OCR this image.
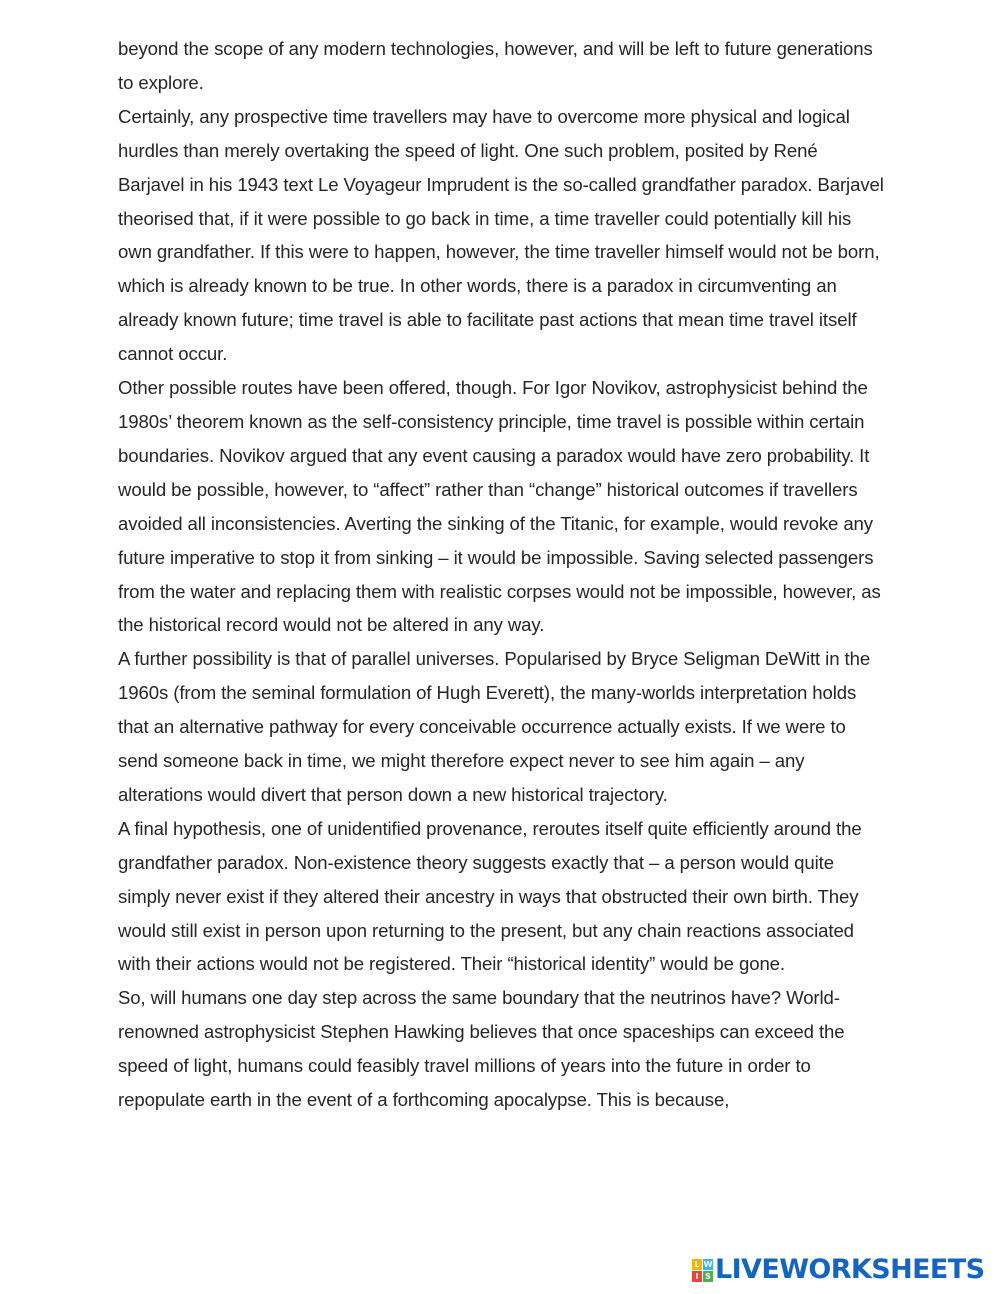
beyond the scope of any modern technologies, however, and will be left to future generations to explore.

Certainly, any prospective time travellers may have to overcome more physical and logical hurdles than merely overtaking the speed of light. One such problem, posited by René Barjavel in his 1943 text Le Voyageur Imprudent is the so-called grandfather paradox. Barjavel theorised that, if it were possible to go back in time, a time traveller could potentially kill his own grandfather. If this were to happen, however, the time traveller himself would not be born, which is already known to be true. In other words, there is a paradox in circumventing an already known future; time travel is able to facilitate past actions that mean time travel itself cannot occur.

Other possible routes have been offered, though. For Igor Novikov, astrophysicist behind the 1980s’ theorem known as the self-consistency principle, time travel is possible within certain boundaries. Novikov argued that any event causing a paradox would have zero probability. It would be possible, however, to “affect” rather than “change” historical outcomes if travellers avoided all inconsistencies. Averting the sinking of the Titanic, for example, would revoke any future imperative to stop it from sinking – it would be impossible. Saving selected passengers from the water and replacing them with realistic corpses would not be impossible, however, as the historical record would not be altered in any way.

A further possibility is that of parallel universes. Popularised by Bryce Seligman DeWitt in the 1960s (from the seminal formulation of Hugh Everett), the many-worlds interpretation holds that an alternative pathway for every conceivable occurrence actually exists. If we were to send someone back in time, we might therefore expect never to see him again – any alterations would divert that person down a new historical trajectory.

A final hypothesis, one of unidentified provenance, reroutes itself quite efficiently around the grandfather paradox. Non-existence theory suggests exactly that – a person would quite simply never exist if they altered their ancestry in ways that obstructed their own birth. They would still exist in person upon returning to the present, but any chain reactions associated with their actions would not be registered. Their “historical identity” would be gone.

So, will humans one day step across the same boundary that the neutrinos have? World-renowned astrophysicist Stephen Hawking believes that once spaceships can exceed the speed of light, humans could feasibly travel millions of years into the future in order to repopulate earth in the event of a forthcoming apocalypse. This is because,

L W
I S LIVEWORKSHEETS
